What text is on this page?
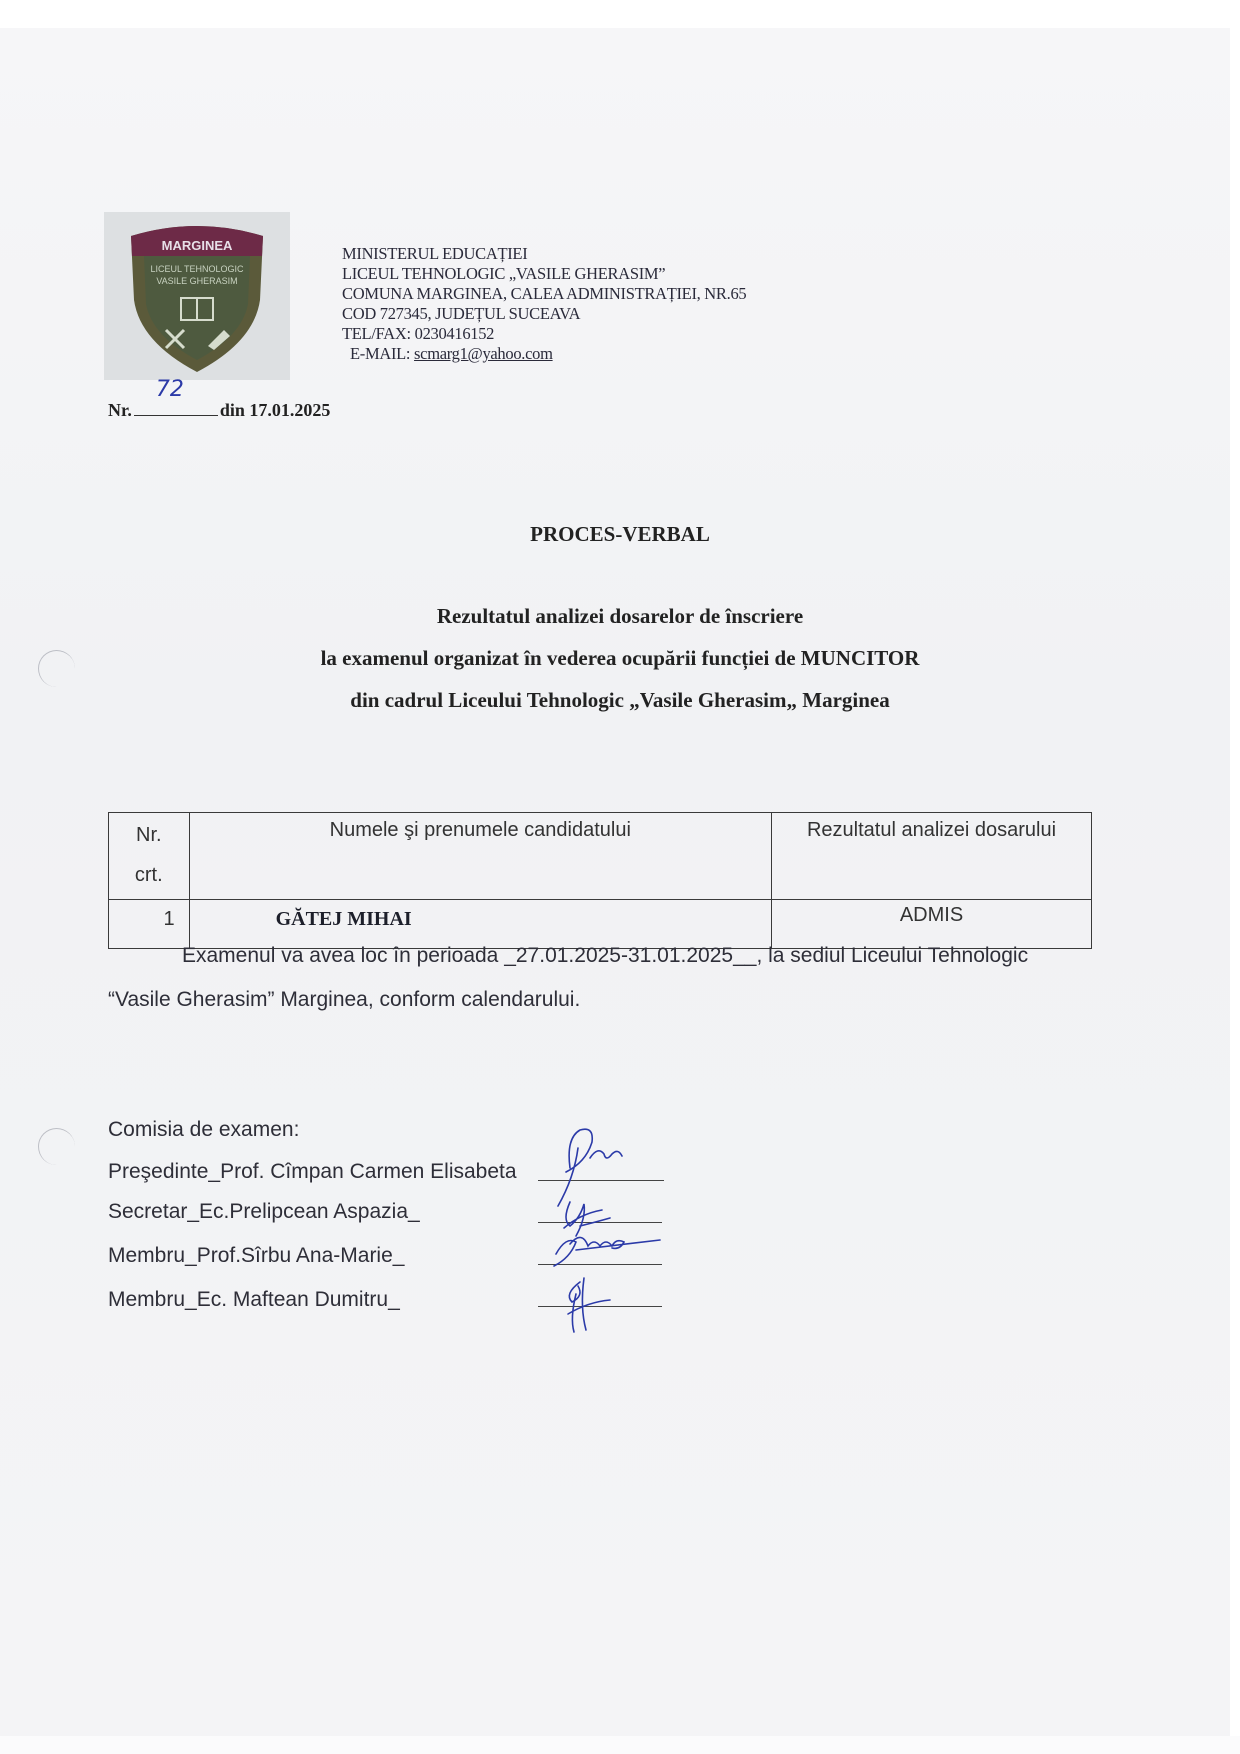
MARGINEA
LICEUL TEHNOLOGIC
VASILE GHERASIM
MINISTERUL EDUCAȚIEI
LICEUL TEHNOLOGIC „VASILE GHERASIM”
COMUNA MARGINEA, CALEA ADMINISTRAȚIEI, NR.65
COD 727345, JUDEȚUL SUCEAVA
TEL/FAX: 0230416152
E-MAIL: scmarg1@yahoo.com
Nr.
72
din 17.01.2025
PROCES-VERBAL
Rezultatul analizei dosarelor de înscriere
la examenul organizat în vederea ocupării funcției de MUNCITOR
din cadrul Liceului Tehnologic „Vasile Gherasim„ Marginea
Nr.
crt.	Numele şi prenumele candidatului	Rezultatul analizei dosarului

1	GĂTEJ MIHAI	ADMIS
Examenul va avea loc în perioada _27.01.2025-31.01.2025__, la sediul Liceului Tehnologic
“Vasile Gherasim” Marginea, conform calendarului.
Comisia de examen:
Preşedinte_Prof. Cîmpan Carmen Elisabeta
Secretar_Ec.Prelipcean Aspazia_
Membru_Prof.Sîrbu Ana-Marie_
Membru_Ec. Maftean Dumitru_
